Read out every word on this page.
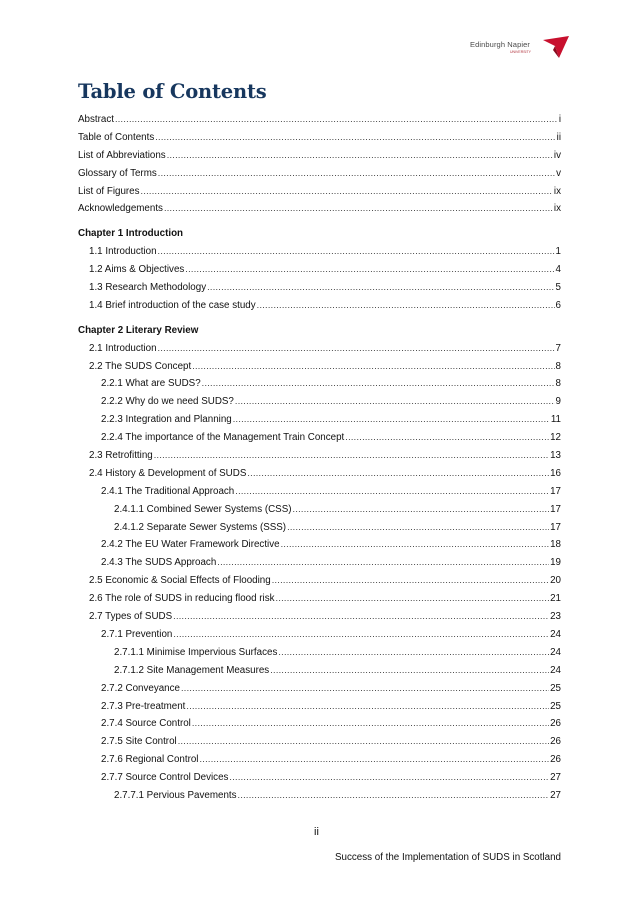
Edinburgh Napier
UNIVERSITY
Table of Contents
Abstract .....	i
Table of Contents .....	ii
List of Abbreviations .....	iv
Glossary of Terms .....	v
List of Figures .....	ix
Acknowledgements .....	ix
Chapter 1 Introduction
1.1 Introduction .....	1
1.2 Aims & Objectives .....	4
1.3 Research Methodology .....	5
1.4 Brief introduction of the case study .....	6
Chapter 2 Literary Review
2.1 Introduction .....	7
2.2 The SUDS Concept .....	8
2.2.1 What are SUDS? .....	8
2.2.2 Why do we need SUDS? .....	9
2.2.3 Integration and Planning .....	11
2.2.4 The importance of the Management Train Concept .....	12
2.3 Retrofitting .....	13
2.4 History & Development of SUDS .....	16
2.4.1 The Traditional Approach .....	17
2.4.1.1 Combined Sewer Systems (CSS) .....	17
2.4.1.2 Separate Sewer Systems (SSS) .....	17
2.4.2 The EU Water Framework Directive .....	18
2.4.3 The SUDS Approach .....	19
2.5 Economic & Social Effects of Flooding .....	20
2.6 The role of SUDS in reducing flood risk .....	21
2.7 Types of SUDS .....	23
2.7.1 Prevention .....	24
2.7.1.1 Minimise Impervious Surfaces .....	24
2.7.1.2 Site Management Measures .....	24
2.7.2 Conveyance .....	25
2.7.3 Pre-treatment .....	25
2.7.4 Source Control .....	26
2.7.5 Site Control .....	26
2.7.6 Regional Control .....	26
2.7.7 Source Control Devices .....	27
2.7.7.1 Pervious Pavements .....	27
ii
Success of the Implementation of SUDS in Scotland
